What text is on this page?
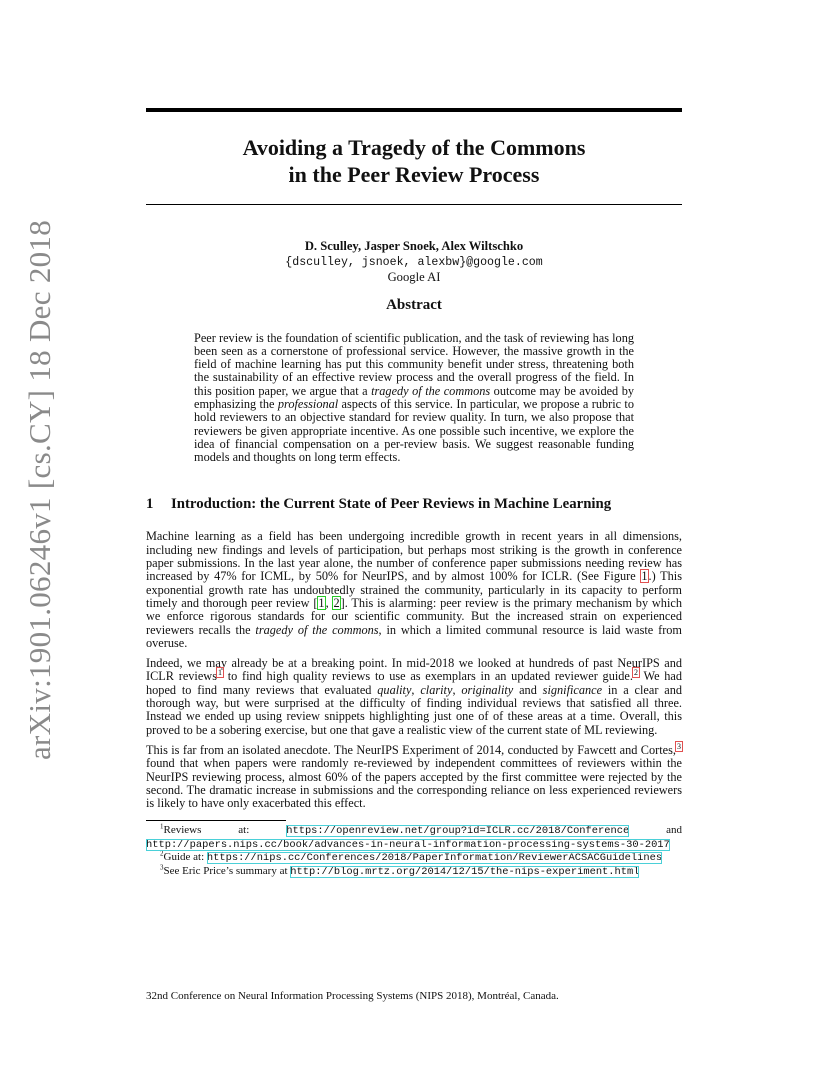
arXiv:1901.06246v1 [cs.CY] 18 Dec 2018
Avoiding a Tragedy of the Commons
in the Peer Review Process
D. Sculley, Jasper Snoek, Alex Wiltschko
{dsculley, jsnoek, alexbw}@google.com
Google AI
Abstract
Peer review is the foundation of scientific publication, and the task of reviewing has long been seen as a cornerstone of professional service. However, the massive growth in the field of machine learning has put this community benefit under stress, threatening both the sustainability of an effective review process and the overall progress of the field. In this position paper, we argue that a tragedy of the commons outcome may be avoided by emphasizing the professional aspects of this service. In particular, we propose a rubric to hold reviewers to an objective standard for review quality. In turn, we also propose that reviewers be given appropriate incentive. As one possible such incentive, we explore the idea of financial compensation on a per-review basis. We suggest reasonable funding models and thoughts on long term effects.
1 Introduction: the Current State of Peer Reviews in Machine Learning

Machine learning as a field has been undergoing incredible growth in recent years in all dimensions, including new findings and levels of participation, but perhaps most striking is the growth in conference paper submissions. In the last year alone, the number of conference paper submissions needing review has increased by 47% for ICML, by 50% for NeurIPS, and by almost 100% for ICLR. (See Figure 1.) This exponential growth rate has undoubtedly strained the community, particularly in its capacity to perform timely and thorough peer review [1, 2]. This is alarming: peer review is the primary mechanism by which we enforce rigorous standards for our scientific community. But the increased strain on experienced reviewers recalls the tragedy of the commons, in which a limited communal resource is laid waste from overuse.

Indeed, we may already be at a breaking point. In mid-2018 we looked at hundreds of past NeurIPS and ICLR reviews$^1$ to find high quality reviews to use as exemplars in an updated reviewer guide.$^2$ We had hoped to find many reviews that evaluated quality, clarity, originality and significance in a clear and thorough way, but were surprised at the difficulty of finding individual reviews that satisfied all three. Instead we ended up using review snippets highlighting just one of of these areas at a time. Overall, this proved to be a sobering exercise, but one that gave a realistic view of the current state of ML reviewing.

This is far from an isolated anecdote. The NeurIPS Experiment of 2014, conducted by Fawcett and Cortes,$^3$ found that when papers were randomly re-reviewed by independent committees of reviewers within the NeurIPS reviewing process, almost 60% of the papers accepted by the first committee were rejected by the second. The dramatic increase in submissions and the corresponding reliance on less experienced reviewers is likely to have only exacerbated this effect.

$^1$Reviews at: https://openreview.net/group?id=ICLR.cc/2018/Conference and http://papers.nips.cc/book/advances-in-neural-information-processing-systems-30-2017

$^2$Guide at: https://nips.cc/Conferences/2018/PaperInformation/ReviewerACSACGuidelines

$^3$See Eric Price’s summary at http://blog.mrtz.org/2014/12/15/the-nips-experiment.html

32nd Conference on Neural Information Processing Systems (NIPS 2018), Montréal, Canada.
